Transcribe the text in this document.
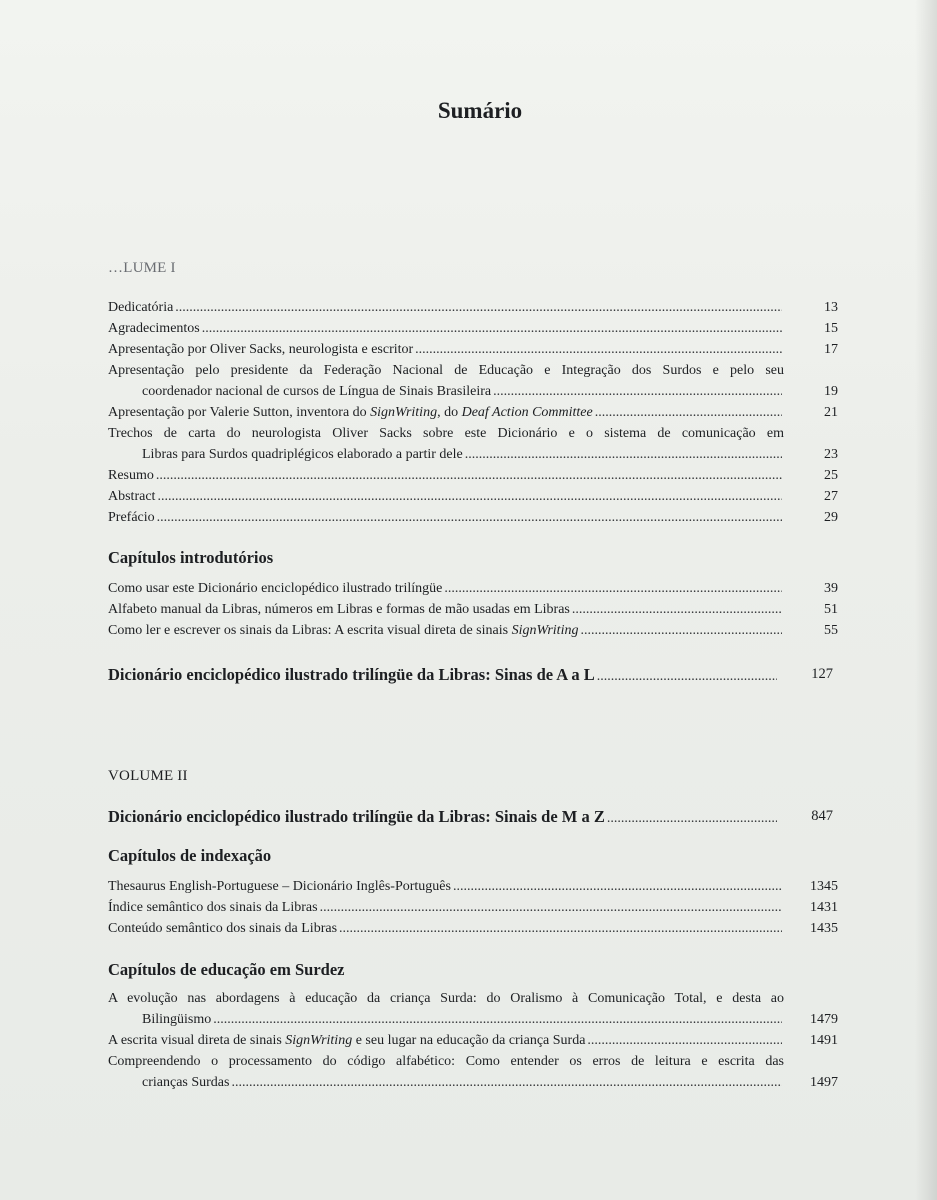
Sumário
…LUME I
Dedicatória .....	13
Agradecimentos .....	15
Apresentação por Oliver Sacks, neurologista e escritor .....	17
Apresentação pelo presidente da Federação Nacional de Educação e Integração dos Surdos e pelo seu
coordenador nacional de cursos de Língua de Sinais Brasileira .....	19
Apresentação por Valerie Sutton, inventora do SignWriting, do Deaf Action Committee .....	21
Trechos de carta do neurologista Oliver Sacks sobre este Dicionário e o sistema de comunicação em
Libras para Surdos quadriplégicos elaborado a partir dele .....	23
Resumo .....	25
Abstract .....	27
Prefácio .....	29
Capítulos introdutórios
Como usar este Dicionário enciclopédico ilustrado trilíngüe .....	39
Alfabeto manual da Libras, números em Libras e formas de mão usadas em Libras .....	51
Como ler e escrever os sinais da Libras: A escrita visual direta de sinais SignWriting .....	55
Dicionário enciclopédico ilustrado trilíngüe da Libras: Sinas de A a L .....	127
VOLUME II
Dicionário enciclopédico ilustrado trilíngüe da Libras: Sinais de M a Z .....	847
Capítulos de indexação
Thesaurus English-Portuguese – Dicionário Inglês-Português .....	1345
Índice semântico dos sinais da Libras .....	1431
Conteúdo semântico dos sinais da Libras .....	1435
Capítulos de educação em Surdez
A evolução nas abordagens à educação da criança Surda: do Oralismo à Comunicação Total, e desta ao
Bilingüismo .....	1479
A escrita visual direta de sinais SignWriting e seu lugar na educação da criança Surda .....	1491
Compreendendo o processamento do código alfabético: Como entender os erros de leitura e escrita das
crianças Surdas .....	1497
